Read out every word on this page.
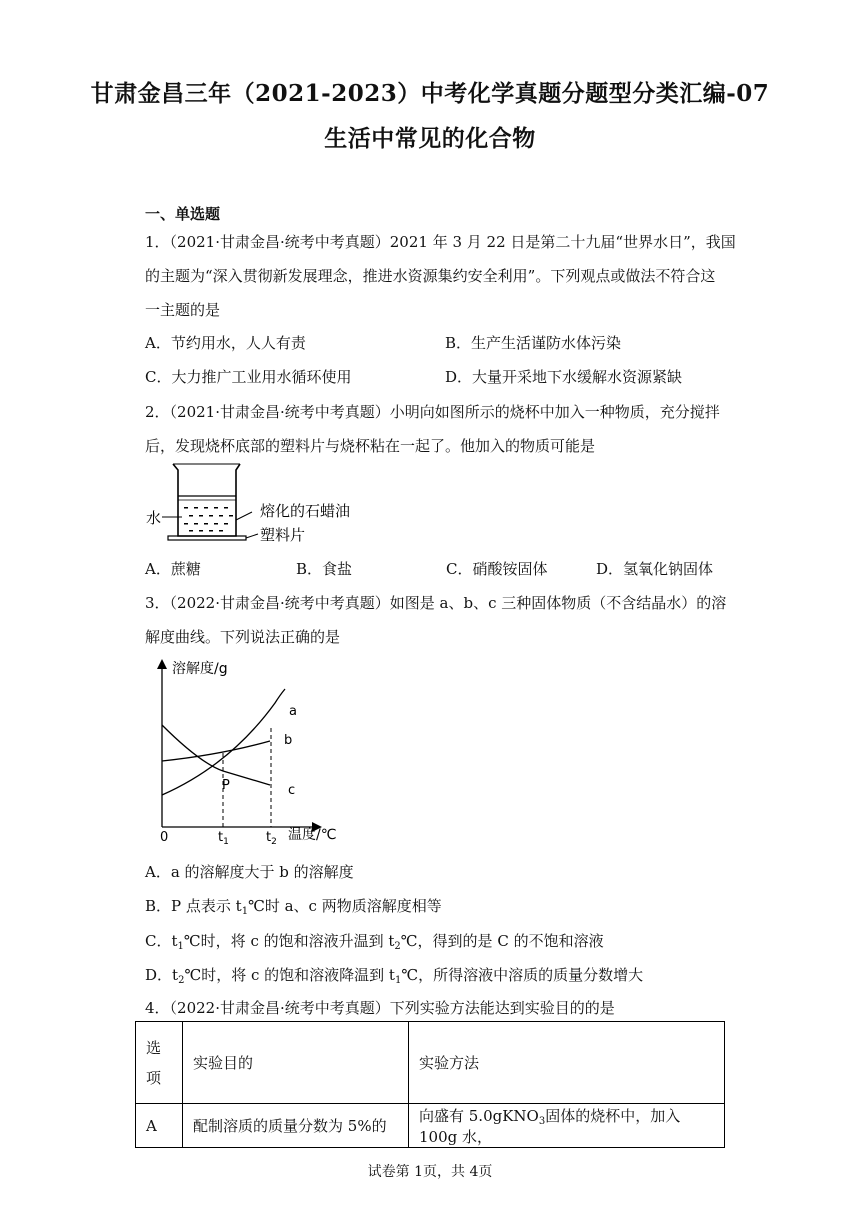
甘肃金昌三年（2021-2023）中考化学真题分题型分类汇编-07
生活中常见的化合物
一、单选题
1．（2021·甘肃金昌·统考中考真题）2021 年 3 月 22 日是第二十九届“世界水日”，我国
的主题为“深入贯彻新发展理念，推进水资源集约安全利用”。下列观点或做法不符合这
一主题的是
A．节约用水，人人有责	B．生产生活谨防水体污染
C．大力推广工业用水循环使用	D．大量开采地下水缓解水资源紧缺
2．（2021·甘肃金昌·统考中考真题）小明向如图所示的烧杯中加入一种物质，充分搅拌
后，发现烧杯底部的塑料片与烧杯粘在一起了。他加入的物质可能是
水	熔化的石蜡油
塑料片
A．蔗糖	B．食盐	C．硝酸铵固体	D．氢氧化钠固体
3．（2022·甘肃金昌·统考中考真题）如图是 a、b、c 三种固体物质（不含结晶水）的溶
解度曲线。下列说法正确的是
溶解度/g
温度/℃
0	$t_1$	$t_2$
P
a
b
c
A．a 的溶解度大于 b 的溶解度
B．P 点表示 $t_1℃$时 a、c 两物质溶解度相等
C．$t_1℃$时，将 c 的饱和溶液升温到 $t_2℃$，得到的是 C 的不饱和溶液
D．$t_2℃$时，将 c 的饱和溶液降温到 $t_1℃$，所得溶液中溶质的质量分数增大
4．（2022·甘肃金昌·统考中考真题）下列实验方法能达到实验目的的是
选
项	实验目的	实验方法
A	配制溶质的质量分数为 5%的	向盛有 5.0gKNO$_3$固体的烧杯中，加入 100g 水，
试卷第 1页，共 4页
